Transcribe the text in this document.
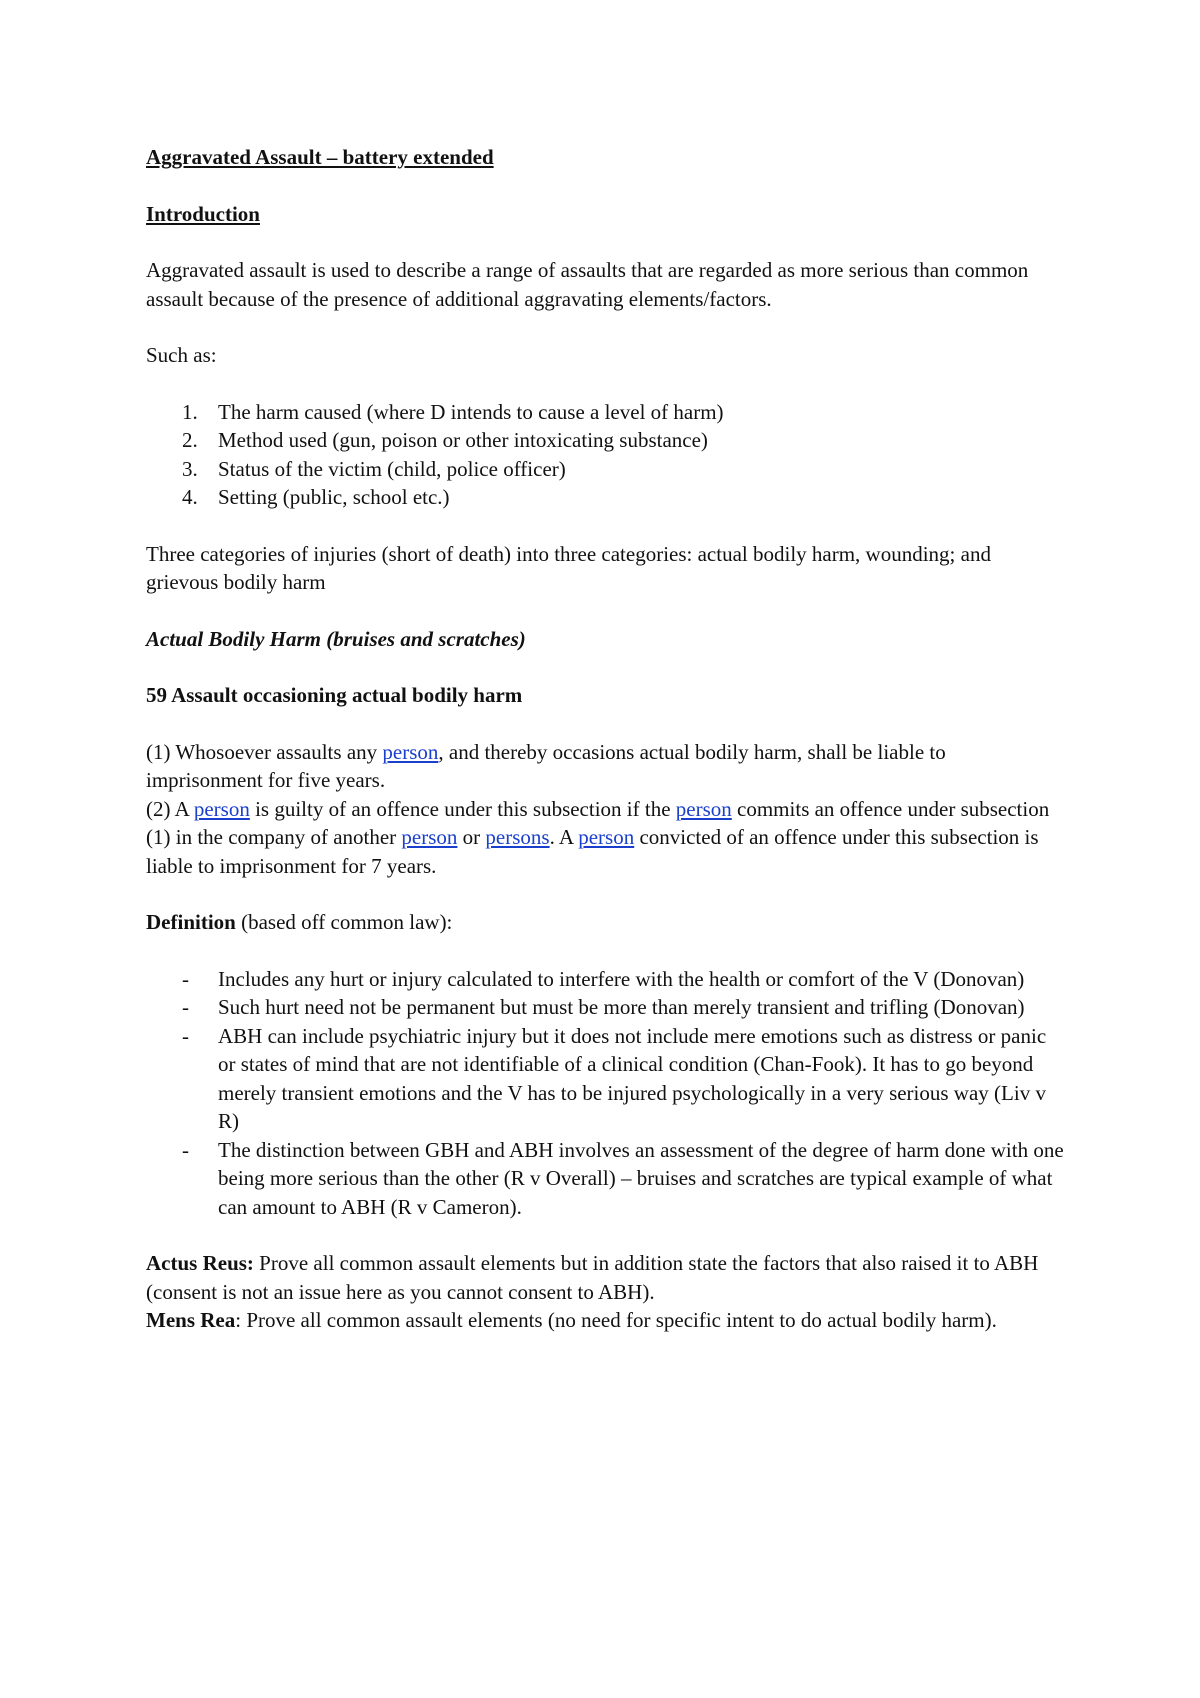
Aggravated Assault – battery extended

Introduction

Aggravated assault is used to describe a range of assaults that are regarded as more serious than common assault because of the presence of additional aggravating elements/factors.

Such as:

1. The harm caused (where D intends to cause a level of harm)
2. Method used (gun, poison or other intoxicating substance)
3. Status of the victim (child, police officer)
4. Setting (public, school etc.)

Three categories of injuries (short of death) into three categories: actual bodily harm, wounding; and grievous bodily harm

Actual Bodily Harm (bruises and scratches)

59 Assault occasioning actual bodily harm

(1) Whosoever assaults any person, and thereby occasions actual bodily harm, shall be liable to imprisonment for five years.

(2) A person is guilty of an offence under this subsection if the person commits an offence under subsection (1) in the company of another person or persons. A person convicted of an offence under this subsection is liable to imprisonment for 7 years.

Definition (based off common law):

- Includes any hurt or injury calculated to interfere with the health or comfort of the V (Donovan)
- Such hurt need not be permanent but must be more than merely transient and trifling (Donovan)
- ABH can include psychiatric injury but it does not include mere emotions such as distress or panic or states of mind that are not identifiable of a clinical condition (Chan-Fook). It has to go beyond merely transient emotions and the V has to be injured psychologically in a very serious way (Liv v R)
- The distinction between GBH and ABH involves an assessment of the degree of harm done with one being more serious than the other (R v Overall) – bruises and scratches are typical example of what can amount to ABH (R v Cameron).

Actus Reus: Prove all common assault elements but in addition state the factors that also raised it to ABH (consent is not an issue here as you cannot consent to ABH).

Mens Rea: Prove all common assault elements (no need for specific intent to do actual bodily harm).
